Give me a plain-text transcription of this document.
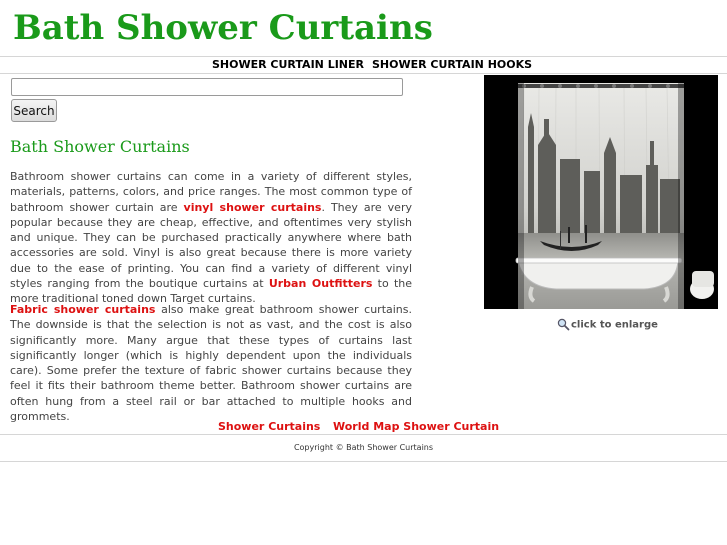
Bath Shower Curtains
SHOWER CURTAIN LINER SHOWER CURTAIN HOOKS
Search
Bath Shower Curtains

Bathroom shower curtains can come in a variety of different styles, materials, patterns, colors, and price ranges. The most common type of bathroom shower curtain are vinyl shower curtains. They are very popular because they are cheap, effective, and oftentimes very stylish and unique. They can be purchased practically anywhere where bath accessories are sold. Vinyl is also great because there is more variety due to the ease of printing. You can find a variety of different vinyl styles ranging from the boutique curtains at Urban Outfitters to the more traditional toned down Target curtains.

Fabric shower curtains also make great bathroom shower curtains. The downside is that the selection is not as vast, and the cost is also significantly more. Many argue that these types of curtains last significantly longer (which is highly dependent upon the individuals care). Some prefer the texture of fabric shower curtains because they feel it fits their bathroom theme better. Bathroom shower curtains are often hung from a steel rail or bar attached to multiple hooks and grommets.

click to enlarge
Shower Curtains World Map Shower Curtain
Copyright © Bath Shower Curtains
